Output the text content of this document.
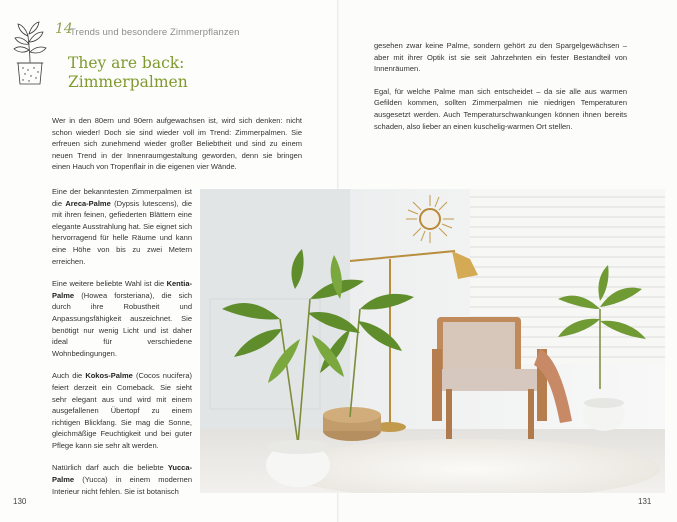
14
Trends und besondere Zimmerpflanzen
They are back:
Zimmerpalmen
Wer in den 80ern und 90ern aufgewachsen ist, wird sich denken: nicht schon wieder! Doch sie sind wieder voll im Trend: Zimmerpalmen. Sie erfreuen sich zunehmend wieder großer Beliebtheit und sind zu einem neuen Trend in der Innenraumgestaltung geworden, denn sie bringen einen Hauch von Tropenflair in die eigenen vier Wände.

Eine der bekanntesten Zimmerpalmen ist die Areca-Palme (Dypsis lutescens), die mit ihren feinen, gefiederten Blättern eine elegante Ausstrahlung hat. Sie eignet sich hervorragend für helle Räume und kann eine Höhe von bis zu zwei Metern erreichen.

Eine weitere beliebte Wahl ist die Kentia-Palme (Howea forsteriana), die sich durch ihre Robustheit und Anpassungsfähigkeit auszeichnet. Sie benötigt nur wenig Licht und ist daher ideal für verschiedene Wohnbedingungen.

Auch die Kokos-Palme (Cocos nucifera) feiert derzeit ein Comeback. Sie sieht sehr elegant aus und wird mit einem ausgefallenen Übertopf zu einem richtigen Blickfang. Sie mag die Sonne, gleichmäßige Feuchtigkeit und bei guter Pflege kann sie sehr alt werden.

Natürlich darf auch die beliebte Yucca-Palme (Yucca) in einem modernen Interieur nicht fehlen. Sie ist botanisch

gesehen zwar keine Palme, sondern gehört zu den Spargelgewächsen – aber mit ihrer Optik ist sie seit Jahrzehnten ein fester Bestandteil von Innenräumen.

Egal, für welche Palme man sich entscheidet – da sie alle aus warmen Gefilden kommen, sollten Zimmerpalmen nie niedrigen Temperaturen ausgesetzt werden. Auch Temperaturschwankungen können ihnen bereits schaden, also lieber an einen kuschelig-warmen Ort stellen.

130	131
